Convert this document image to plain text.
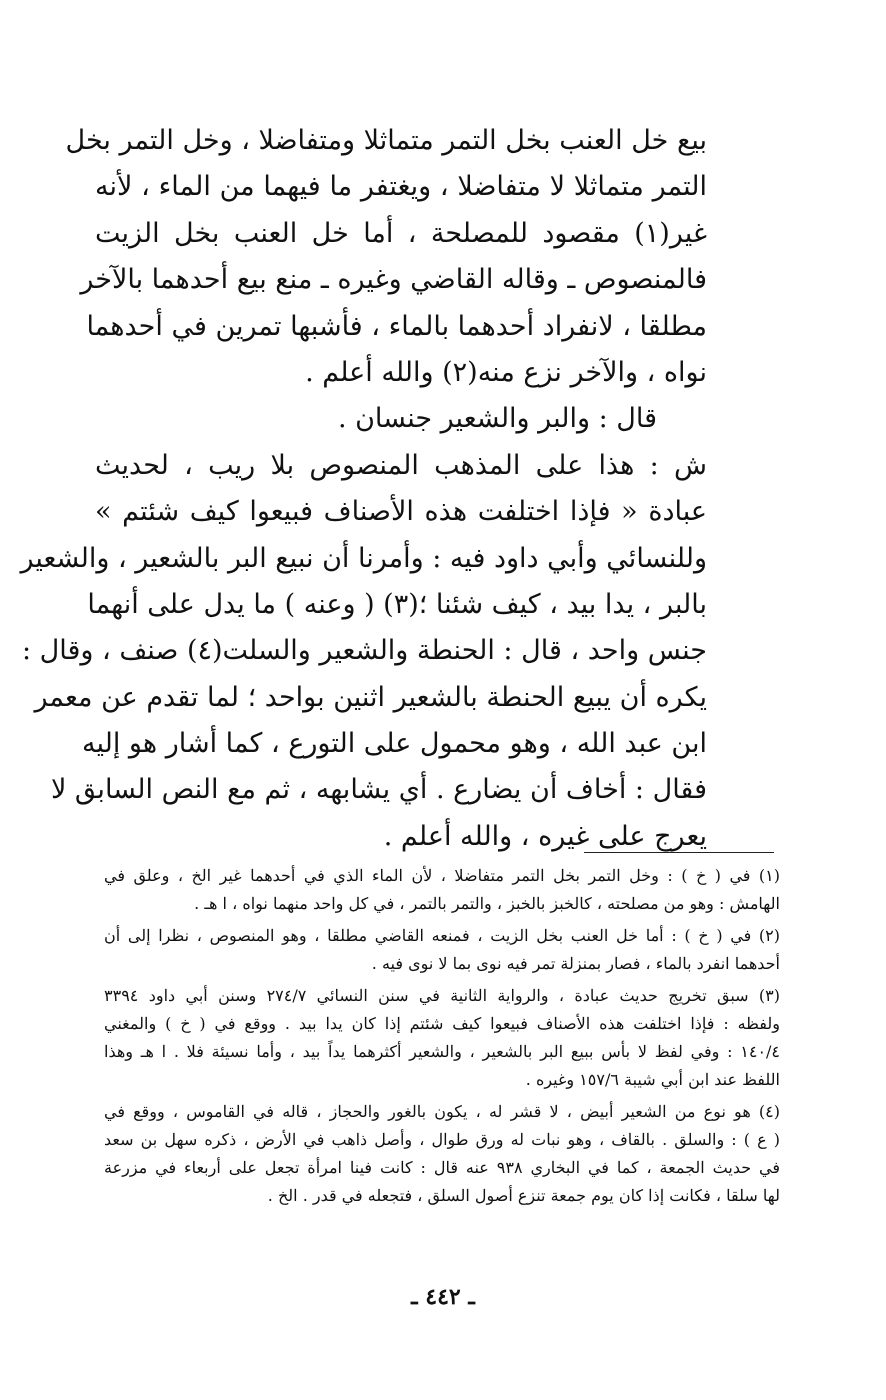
بيع خل العنب بخل التمر متماثلا ومتفاضلا ، وخل التمر بخل
التمر متماثلا لا متفاضلا ، ويغتفر ما فيهما من الماء ، لأنه
غير(١) مقصود للمصلحة ، أما خل العنب بخل الزيت
فالمنصوص ـ وقاله القاضي وغيره ـ منع بيع أحدهما بالآخر
مطلقا ، لانفراد أحدهما بالماء ، فأشبها تمرين في أحدهما
نواه ، والآخر نزع منه(٢) والله أعلم .
قال : والبر والشعير جنسان .
ش : هذا على المذهب المنصوص بلا ريب ، لحديث
عبادة « فإذا اختلفت هذه الأصناف فبيعوا كيف شئتم »
وللنسائي وأبي داود فيه : وأمرنا أن نبيع البر بالشعير ، والشعير
بالبر ، يدا بيد ، كيف شئنا ؛(٣) ( وعنه ) ما يدل على أنهما
جنس واحد ، قال : الحنطة والشعير والسلت(٤) صنف ، وقال :
يكره أن يبيع الحنطة بالشعير اثنين بواحد ؛ لما تقدم عن معمر
ابن عبد الله ، وهو محمول على التورع ، كما أشار هو إليه
فقال : أخاف أن يضارع . أي يشابهه ، ثم مع النص السابق لا
يعرج على غيره ، والله أعلم .
(١) في ( خ ) : وخل التمر بخل التمر متفاضلا ، لأن الماء الذي في أحدهما غير الخ ، وعلق في
الهامش : وهو من مصلحته ، كالخبز بالخبز ، والتمر بالتمر ، في كل واحد منهما نواه ، ا هـ .
(٢) في ( خ ) : أما خل العنب بخل الزيت ، فمنعه القاضي مطلقا ، وهو المنصوص ، نظرا إلى أن
أحدهما انفرد بالماء ، فصار بمنزلة تمر فيه نوى بما لا نوى فيه .
(٣) سبق تخريج حديث عبادة ، والرواية الثانية في سنن النسائي ٢٧٤/٧ وسنن أبي داود ٣٣٩٤
ولفظه : فإذا اختلفت هذه الأصناف فبيعوا كيف شئتم إذا كان يدا بيد . ووقع في ( خ ) والمغني
١٤٠/٤ : وفي لفظ لا بأس ببيع البر بالشعير ، والشعير أكثرهما يداً بيد ، وأما نسيئة فلا . ا هـ وهذا
اللفظ عند ابن أبي شيبة ١٥٧/٦ وغيره .
(٤) هو نوع من الشعير أبيض ، لا قشر له ، يكون بالغور والحجاز ، قاله في القاموس ، ووقع في
( ع ) : والسلق . بالقاف ، وهو نبات له ورق طوال ، وأصل ذاهب في الأرض ، ذكره سهل بن سعد
في حديث الجمعة ، كما في البخاري ٩٣٨ عنه قال : كانت فينا امرأة تجعل على أربعاء في مزرعة
لها سلقا ، فكانت إذا كان يوم جمعة تنزع أصول السلق ، فتجعله في قدر . الخ .
ـ ٤٤٢ ـ
